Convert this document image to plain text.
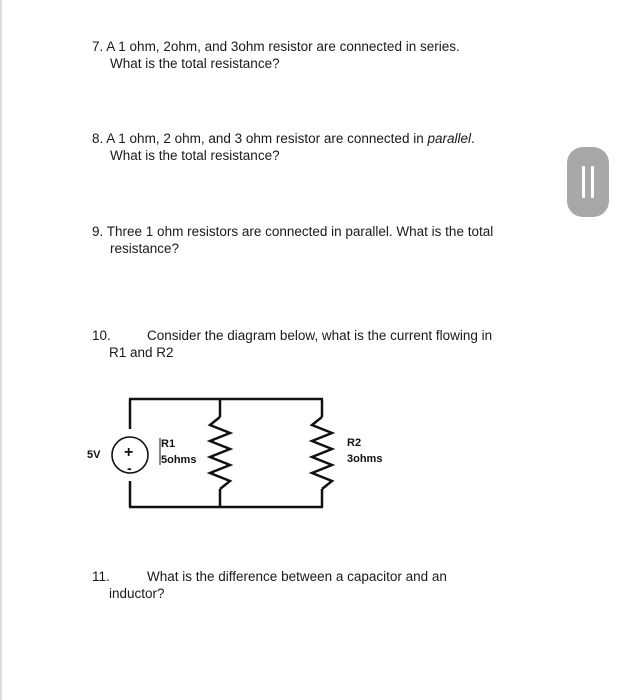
7. A 1 ohm, 2ohm, and 3ohm resistor are connected in series.
What is the total resistance?
8. A 1 ohm, 2 ohm, and 3 ohm resistor are connected in parallel.
What is the total resistance?
9. Three 1 ohm resistors are connected in parallel. What is the total
resistance?
10.	Consider the diagram below, what is the current flowing in
R1 and R2
+
-
5V
R1
5ohms
R2
3ohms
11.	What is the difference between a capacitor and an
inductor?
